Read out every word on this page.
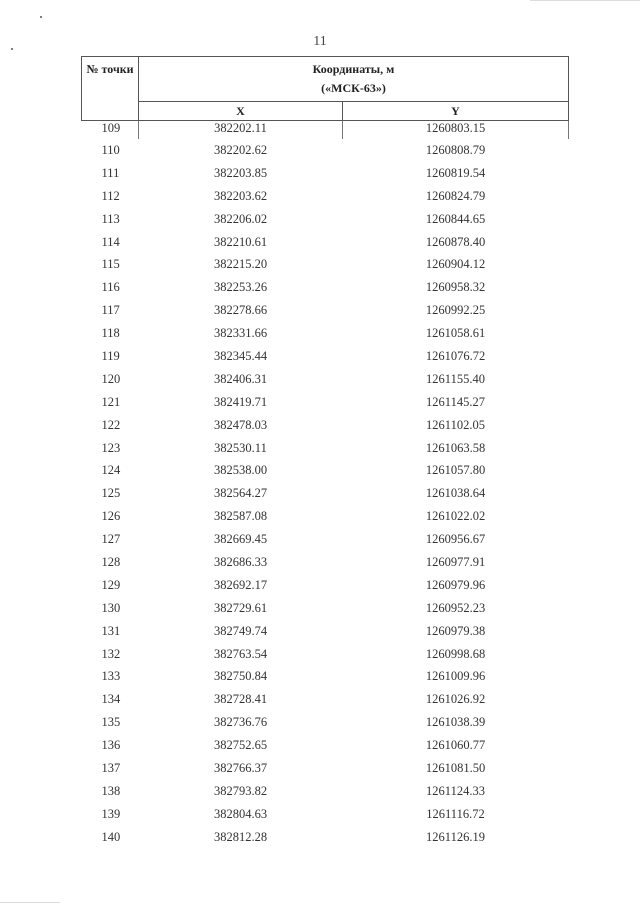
11
№ точки	Координаты, м
(«МСК-63»)	

	X	Y
109	382202.11	1260803.15
110	382202.62	1260808.79
111	382203.85	1260819.54
112	382203.62	1260824.79
113	382206.02	1260844.65
114	382210.61	1260878.40
115	382215.20	1260904.12
116	382253.26	1260958.32
117	382278.66	1260992.25
118	382331.66	1261058.61
119	382345.44	1261076.72
120	382406.31	1261155.40
121	382419.71	1261145.27
122	382478.03	1261102.05
123	382530.11	1261063.58
124	382538.00	1261057.80
125	382564.27	1261038.64
126	382587.08	1261022.02
127	382669.45	1260956.67
128	382686.33	1260977.91
129	382692.17	1260979.96
130	382729.61	1260952.23
131	382749.74	1260979.38
132	382763.54	1260998.68
133	382750.84	1261009.96
134	382728.41	1261026.92
135	382736.76	1261038.39
136	382752.65	1261060.77
137	382766.37	1261081.50
138	382793.82	1261124.33
139	382804.63	1261116.72
140	382812.28	1261126.19
